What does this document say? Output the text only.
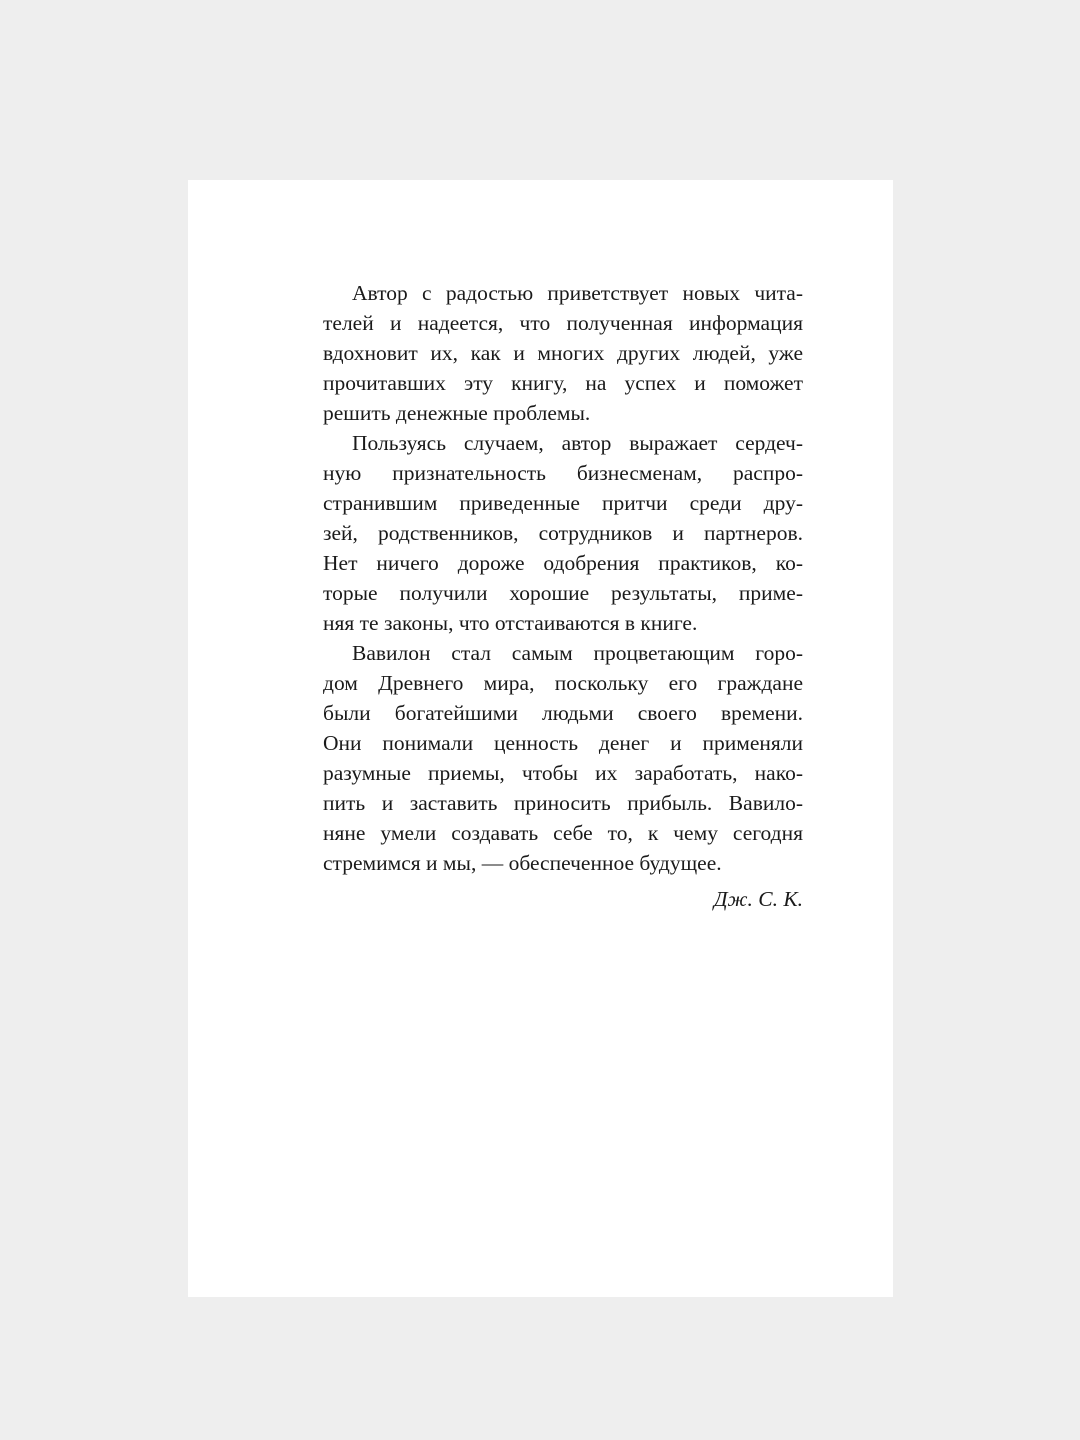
Автор с радостью приветствует новых чита-
телей и надеется, что полученная информация
вдохновит их, как и многих других людей, уже
прочитавших эту книгу, на успех и поможет
решить денежные проблемы.
Пользуясь случаем, автор выражает сердеч-
ную признательность бизнесменам, распро-
странившим приведенные притчи среди дру-
зей, родственников, сотрудников и партнеров.
Нет ничего дороже одобрения практиков, ко-
торые получили хорошие результаты, приме-
няя те законы, что отстаиваются в книге.
Вавилон стал самым процветающим горо-
дом Древнего мира, поскольку его граждане
были богатейшими людьми своего времени.
Они понимали ценность денег и применяли
разумные приемы, чтобы их заработать, нако-
пить и заставить приносить прибыль. Вавило-
няне умели создавать себе то, к чему сегодня
стремимся и мы, — обеспеченное будущее.
Дж. С. К.
